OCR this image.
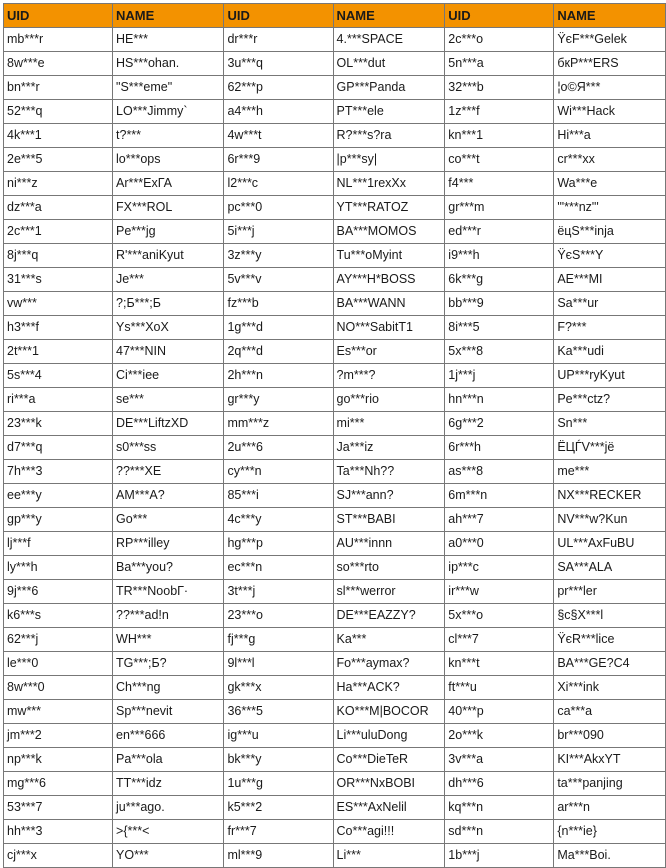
UID	NAME	UID	NAME	UID	NAME
mb***r	HE***	dr***r	4.***SPACE	2c***o	ŸєF***Gelek
8w***e	HS***ohan.	3u***q	OL***dut	5n***a	бкP***ERS
bn***r	"S***eme"	62***p	GP***Panda	32***b	¦o©Я***
52***q	LO***Jimmy`	a4***h	PT***ele	1z***f	Wi***Hack
4k***1	t?***	4w***t	R?***s?ra	kn***1	Hi***a
2e***5	lo***ops	6r***9	|p***sy|	co***t	cr***xx
ni***z	Ar***ExГА	l2***c	NL***1rexXx	f4***	Wa***e
dz***a	FX***ROL	pc***0	YT***RATOZ	gr***m	"'***nz"'
2c***1	Pe***jg	5i***j	BA***MOMOS	ed***r	ёцS***inja
8j***q	R'***aniKyut	3z***y	Tu***oMyint	i9***h	ŸєS***Y
31***s	Je***	5v***v	AY***H*BOSS	6k***g	AE***MI
vw***	?;Б***;Б	fz***b	BA***WANN	bb***9	Sa***ur
h3***f	Ys***XoX	1g***d	NO***SabitT1	8i***5	F?***
2t***1	47***NIN	2q***d	Es***or	5x***8	Ka***udi
5s***4	Ci***iee	2h***n	?m***?	1j***j	UP***ryKyut
ri***a	se***	gr***y	go***rio	hn***n	Pe***ctz?
23***k	DE***LiftzXD	mm***z	mi***	6g***2	Sn***
d7***q	s0***ss	2u***6	Ja***iz	6r***h	ЁЦЃV***jë
7h***3	??***XE	cy***n	Ta***Nh??	as***8	me***
ee***y	AM***A?	85***i	SJ***ann?	6m***n	NX***RECKER
gp***y	Go***	4c***y	ST***BABI	ah***7	NV***w?Kun
lj***f	RP***illey	hg***p	AU***innn	a0***0	UL***AxFuBU
ly***h	Ba***you?	ec***n	so***rto	ip***c	SA***ALA
9j***6	TR***NoobГ·	3t***j	sl***werror	ir***w	pr***ler
k6***s	??***ad!n	23***o	DE***EAZZY?	5x***o	§c§X***l
62***j	WH***	fj***g	Ka***	cl***7	ŸєR***lice
le***0	TG***;Б?	9l***l	Fo***aymax?	kn***t	BA***GE?C4
8w***0	Ch***ng	gk***x	Ha***ACK?	ft***u	Xi***ink
mw***	Sp***nevit	36***5	KO***M|BOCOR	40***p	ca***a
jm***2	en***666	ig***u	Li***uluDong	2o***k	br***090
np***k	Pa***ola	bk***y	Co***DieTeR	3v***a	KI***AkxYT
mg***6	TT***idz	1u***g	OR***NxBOBI	dh***6	ta***panjing
53***7	ju***ago.	k5***2	ES***AxNelil	kq***n	ar***n
hh***3	>{***<	fr***7	Co***agi!!!	sd***n	{n***ie}
cj***x	YO***	ml***9	Li***	1b***j	Ma***Boi.
